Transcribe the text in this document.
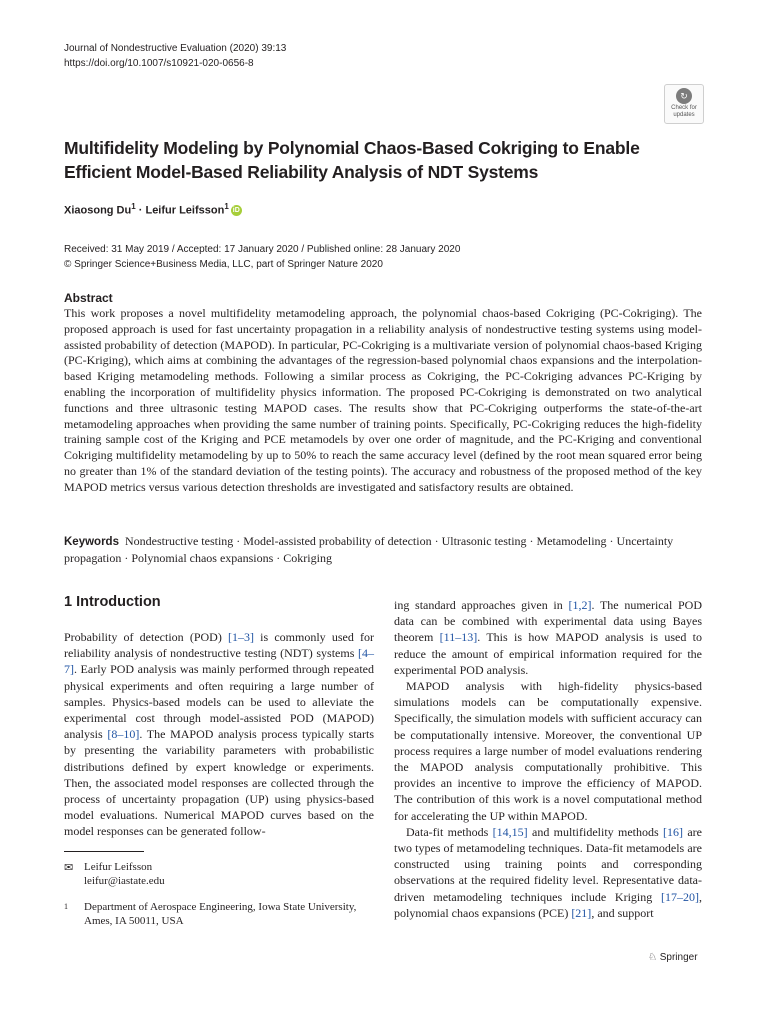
Journal of Nondestructive Evaluation (2020) 39:13
https://doi.org/10.1007/s10921-020-0656-8
↻
Check for
updates
Multifidelity Modeling by Polynomial Chaos-Based Cokriging to Enable
Efficient Model-Based Reliability Analysis of NDT Systems
Xiaosong $Du^1$ · Leifur Leifsson$^1$ iD
Received: 31 May 2019 / Accepted: 17 January 2020 / Published online: 28 January 2020
© Springer Science+Business Media, LLC, part of Springer Nature 2020
Abstract
This work proposes a novel multifidelity metamodeling approach, the polynomial chaos-based Cokriging (PC-Cokriging). The proposed approach is used for fast uncertainty propagation in a reliability analysis of nondestructive testing systems using model-assisted probability of detection (MAPOD). In particular, PC-Cokriging is a multivariate version of polynomial chaos-based Kriging (PC-Kriging), which aims at combining the advantages of the regression-based polynomial chaos expansions and the interpolation-based Kriging metamodeling methods. Following a similar process as Cokriging, the PC-Cokriging advances PC-Kriging by enabling the incorporation of multifidelity physics information. The proposed PC-Cokriging is demonstrated on two analytical functions and three ultrasonic testing MAPOD cases. The results show that PC-Cokriging outperforms the state-of-the-art metamodeling approaches when providing the same number of training points. Specifically, PC-Cokriging reduces the high-fidelity training sample cost of the Kriging and PCE metamodels by over one order of magnitude, and the PC-Kriging and conventional Cokriging multifidelity metamodeling by up to 50% to reach the same accuracy level (defined by the root mean squared error being no greater than 1% of the standard deviation of the testing points). The accuracy and robustness of the proposed method of the key MAPOD metrics versus various detection thresholds are investigated and satisfactory results are obtained.
Keywords Nondestructive testing · Model-assisted probability of detection · Ultrasonic testing · Metamodeling · Uncertainty propagation · Polynomial chaos expansions · Cokriging
1 Introduction

Probability of detection (POD) [1–3] is commonly used for reliability analysis of nondestructive testing (NDT) systems [4–7]. Early POD analysis was mainly performed through repeated physical experiments and often requiring a large number of samples. Physics-based models can be used to alleviate the experimental cost through model-assisted POD (MAPOD) analysis [8–10]. The MAPOD analysis process typically starts by presenting the variability parameters with probabilistic distributions defined by expert knowledge or experiments. Then, the associated model responses are collected through the process of uncertainty propagation (UP) using physics-based model evaluations. Numerical MAPOD curves based on the model responses can be generated follow-

ing standard approaches given in [1,2]. The numerical POD data can be combined with experimental data using Bayes theorem [11–13]. This is how MAPOD analysis is used to reduce the amount of empirical information required for the experimental POD analysis.

MAPOD analysis with high-fidelity physics-based simulations models can be computationally expensive. Specifically, the simulation models with sufficient accuracy can be computationally intensive. Moreover, the conventional UP process requires a large number of model evaluations rendering the MAPOD analysis computationally prohibitive. This provides an incentive to improve the efficiency of MAPOD. The contribution of this work is a novel computational method for accelerating the UP within MAPOD.

Data-fit methods [14,15] and multifidelity methods [16] are two types of metamodeling techniques. Data-fit metamodels are constructed using training points and corresponding observations at the required fidelity level. Representative data-driven metamodeling techniques include Kriging [17–20], polynomial chaos expansions (PCE) [21], and support

✉ Leifur Leifsson
leifur@iastate.edu
1 Department of Aerospace Engineering, Iowa State University,
Ames, IA 50011, USA
♘ Springer
